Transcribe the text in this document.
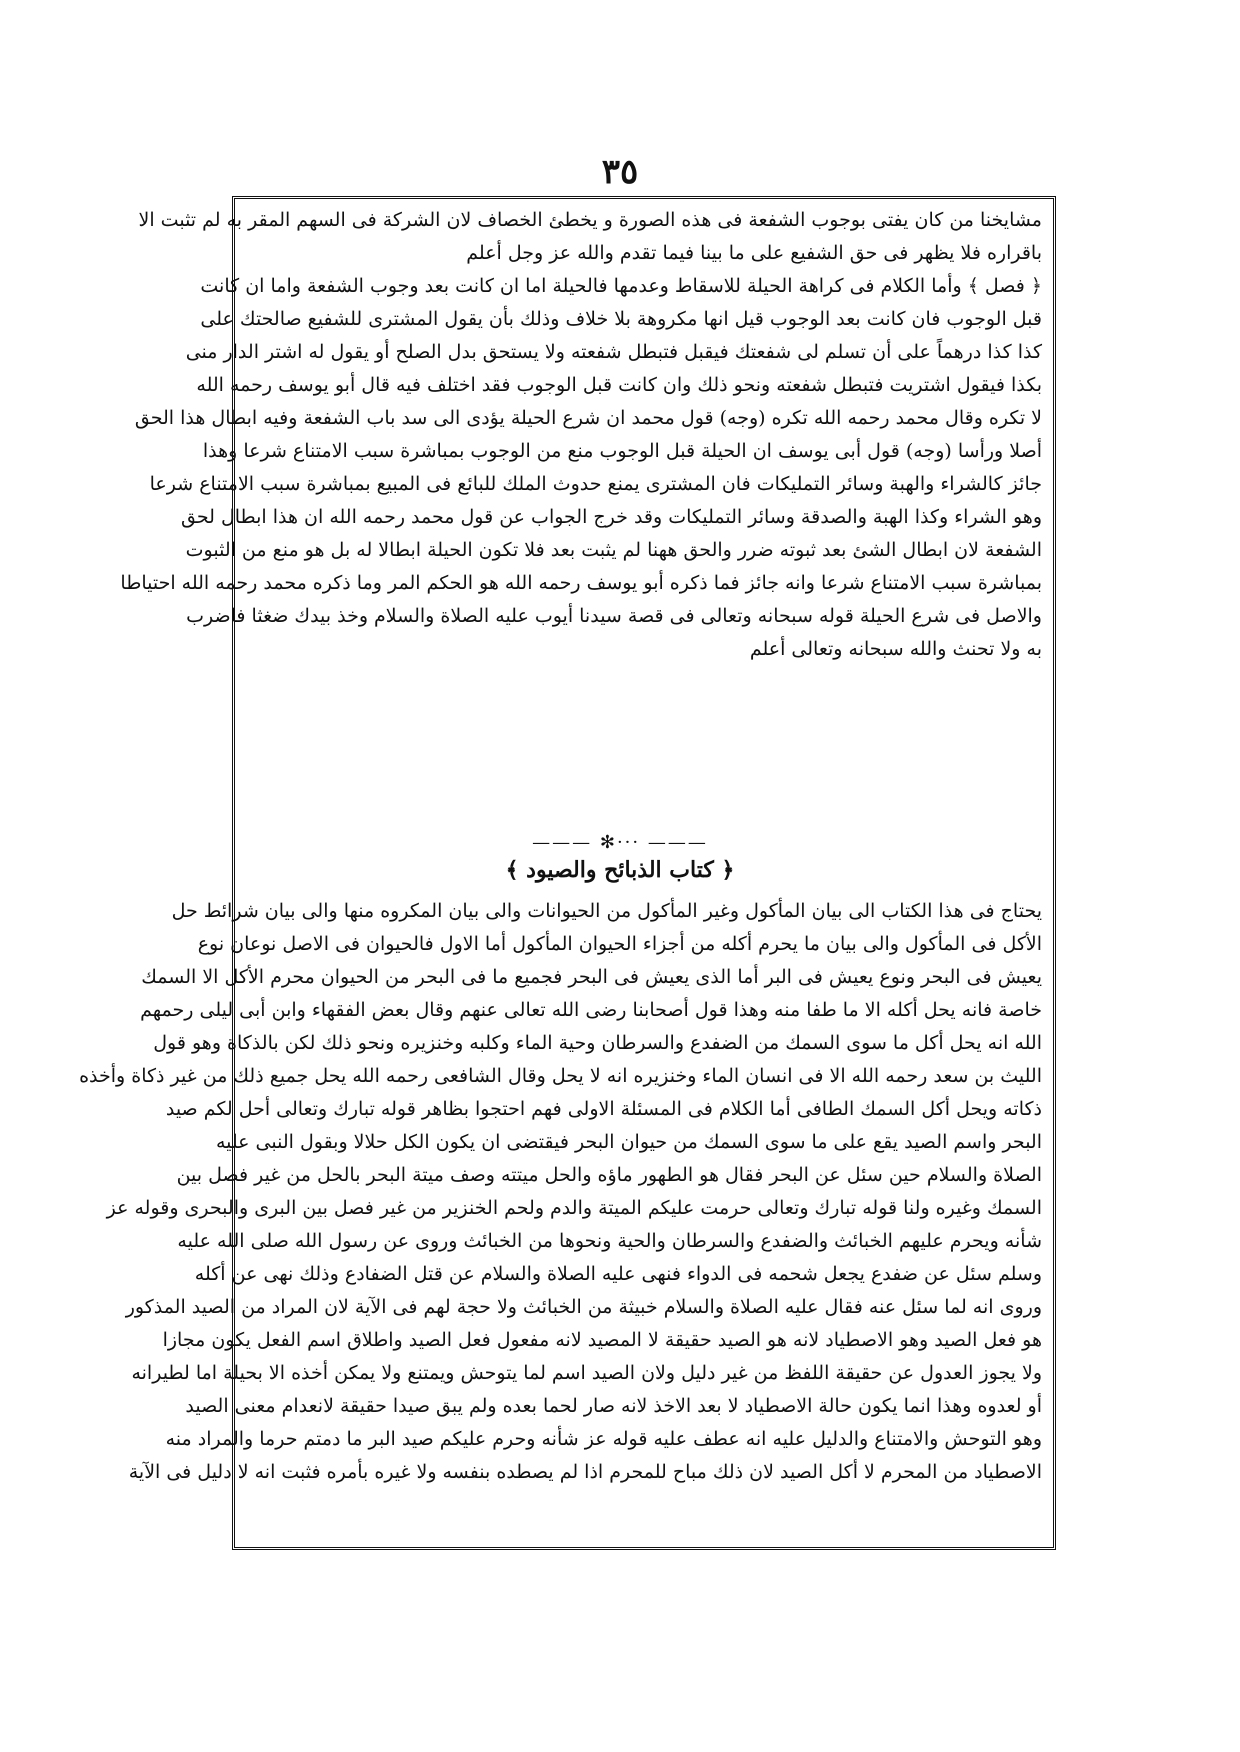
٣٥
مشايخنا من كان يفتى بوجوب الشفعة فى هذه الصورة و يخطئ الخصاف لان الشركة فى السهم المقر به لم تثبت الا
باقراره فلا يظهر فى حق الشفيع على ما بينا فيما تقدم والله عز وجل أعلم
﴿ فصل ﴾ وأما الكلام فى كراهة الحيلة للاسقاط وعدمها فالحيلة اما ان كانت بعد وجوب الشفعة واما ان كانت
قبل الوجوب فان كانت بعد الوجوب قيل انها مكروهة بلا خلاف وذلك بأن يقول المشترى للشفيع صالحتك على
كذا كذا درهماً على أن تسلم لى شفعتك فيقبل فتبطل شفعته ولا يستحق بدل الصلح أو يقول له اشتر الدار منى
بكذا فيقول اشتريت فتبطل شفعته ونحو ذلك وان كانت قبل الوجوب فقد اختلف فيه قال أبو يوسف رحمه الله
لا تكره وقال محمد رحمه الله تكره (وجه) قول محمد ان شرع الحيلة يؤدى الى سد باب الشفعة وفيه ابطال هذا الحق
أصلا ورأسا (وجه) قول أبى يوسف ان الحيلة قبل الوجوب منع من الوجوب بمباشرة سبب الامتناع شرعا وهذا
جائز كالشراء والهبة وسائر التمليكات فان المشترى يمنع حدوث الملك للبائع فى المبيع بمباشرة سبب الامتناع شرعا
وهو الشراء وكذا الهبة والصدقة وسائر التمليكات وقد خرج الجواب عن قول محمد رحمه الله ان هذا ابطال لحق
الشفعة لان ابطال الشئ بعد ثبوته ضرر والحق ههنا لم يثبت بعد فلا تكون الحيلة ابطالا له بل هو منع من الثبوت
بمباشرة سبب الامتناع شرعا وانه جائز فما ذكره أبو يوسف رحمه الله هو الحكم المر وما ذكره محمد رحمه الله احتياطا
والاصل فى شرع الحيلة قوله سبحانه وتعالى فى قصة سيدنا أيوب عليه الصلاة والسلام وخذ بيدك ضغثا فاضرب
به ولا تحنث والله سبحانه وتعالى أعلم
——— ✻··· ———
﴿ كتاب الذبائح والصيود ﴾
يحتاج فى هذا الكتاب الى بيان المأكول وغير المأكول من الحيوانات والى بيان المكروه منها والى بيان شرائط حل
الأكل فى المأكول والى بيان ما يحرم أكله من أجزاء الحيوان المأكول أما الاول فالحيوان فى الاصل نوعان نوع
يعيش فى البحر ونوع يعيش فى البر أما الذى يعيش فى البحر فجميع ما فى البحر من الحيوان محرم الأكل الا السمك
خاصة فانه يحل أكله الا ما طفا منه وهذا قول أصحابنا رضى الله تعالى عنهم وقال بعض الفقهاء وابن أبى ليلى رحمهم
الله انه يحل أكل ما سوى السمك من الضفدع والسرطان وحية الماء وكلبه وخنزيره ونحو ذلك لكن بالذكاة وهو قول
الليث بن سعد رحمه الله الا فى انسان الماء وخنزيره انه لا يحل وقال الشافعى رحمه الله يحل جميع ذلك من غير ذكاة وأخذه
ذكاته ويحل أكل السمك الطافى أما الكلام فى المسئلة الاولى فهم احتجوا بظاهر قوله تبارك وتعالى أحل لكم صيد
البحر واسم الصيد يقع على ما سوى السمك من حيوان البحر فيقتضى ان يكون الكل حلالا وبقول النبى عليه
الصلاة والسلام حين سئل عن البحر فقال هو الطهور ماؤه والحل ميتته وصف ميتة البحر بالحل من غير فصل بين
السمك وغيره ولنا قوله تبارك وتعالى حرمت عليكم الميتة والدم ولحم الخنزير من غير فصل بين البرى والبحرى وقوله عز
شأنه ويحرم عليهم الخبائث والضفدع والسرطان والحية ونحوها من الخبائث وروى عن رسول الله صلى الله عليه
وسلم سئل عن ضفدع يجعل شحمه فى الدواء فنهى عليه الصلاة والسلام عن قتل الضفادع وذلك نهى عن أكله
وروى انه لما سئل عنه فقال عليه الصلاة والسلام خبيثة من الخبائث ولا حجة لهم فى الآية لان المراد من الصيد المذكور
هو فعل الصيد وهو الاصطياد لانه هو الصيد حقيقة لا المصيد لانه مفعول فعل الصيد واطلاق اسم الفعل يكون مجازا
ولا يجوز العدول عن حقيقة اللفظ من غير دليل ولان الصيد اسم لما يتوحش ويمتنع ولا يمكن أخذه الا بحيلة اما لطيرانه
أو لعدوه وهذا انما يكون حالة الاصطياد لا بعد الاخذ لانه صار لحما بعده ولم يبق صيدا حقيقة لانعدام معنى الصيد
وهو التوحش والامتناع والدليل عليه انه عطف عليه قوله عز شأنه وحرم عليكم صيد البر ما دمتم حرما والمراد منه
الاصطياد من المحرم لا أكل الصيد لان ذلك مباح للمحرم اذا لم يصطده بنفسه ولا غيره بأمره فثبت انه لا دليل فى الآية
